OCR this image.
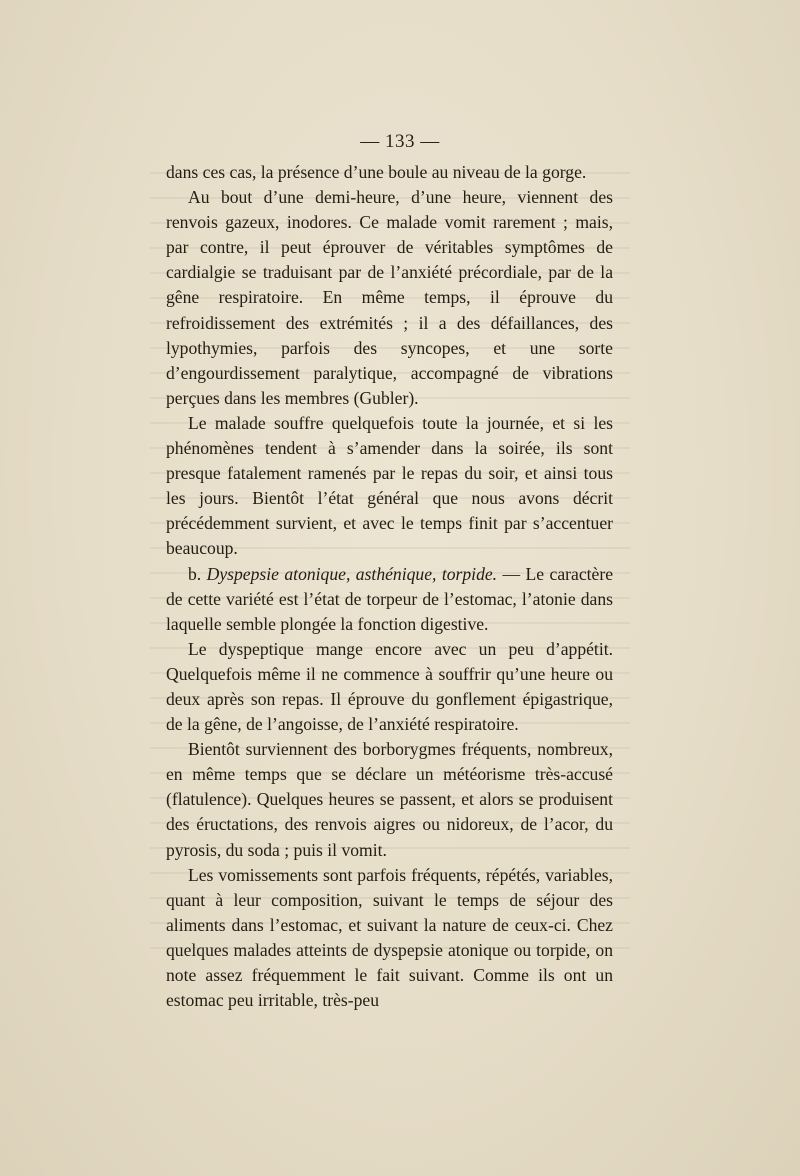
— 133 —

dans ces cas, la présence d’une boule au niveau de la gorge.

Au bout d’une demi-heure, d’une heure, viennent des renvois gazeux, inodores. Ce malade vomit rarement ; mais, par contre, il peut éprouver de véritables symptômes de cardialgie se traduisant par de l’anxiété précordiale, par de la gêne respiratoire. En même temps, il éprouve du refroidissement des extrémités ; il a des défaillances, des lypothymies, parfois des syncopes, et une sorte d’engourdissement paralytique, accompagné de vibrations perçues dans les membres (Gubler).

Le malade souffre quelquefois toute la journée, et si les phénomènes tendent à s’amender dans la soirée, ils sont presque fatalement ramenés par le repas du soir, et ainsi tous les jours. Bientôt l’état général que nous avons décrit précédemment survient, et avec le temps finit par s’accentuer beaucoup.

b. Dyspepsie atonique, asthénique, torpide. — Le caractère de cette variété est l’état de torpeur de l’estomac, l’atonie dans laquelle semble plongée la fonction digestive.

Le dyspeptique mange encore avec un peu d’appétit. Quelquefois même il ne commence à souffrir qu’une heure ou deux après son repas. Il éprouve du gonflement épigastrique, de la gêne, de l’angoisse, de l’anxiété respiratoire.

Bientôt surviennent des borborygmes fréquents, nombreux, en même temps que se déclare un météorisme très-accusé (flatulence). Quelques heures se passent, et alors se produisent des éructations, des renvois aigres ou nidoreux, de l’acor, du pyrosis, du soda ; puis il vomit.

Les vomissements sont parfois fréquents, répétés, variables, quant à leur composition, suivant le temps de séjour des aliments dans l’estomac, et suivant la nature de ceux-ci. Chez quelques malades atteints de dyspepsie atonique ou torpide, on note assez fréquemment le fait suivant. Comme ils ont un estomac peu irritable, très-peu
